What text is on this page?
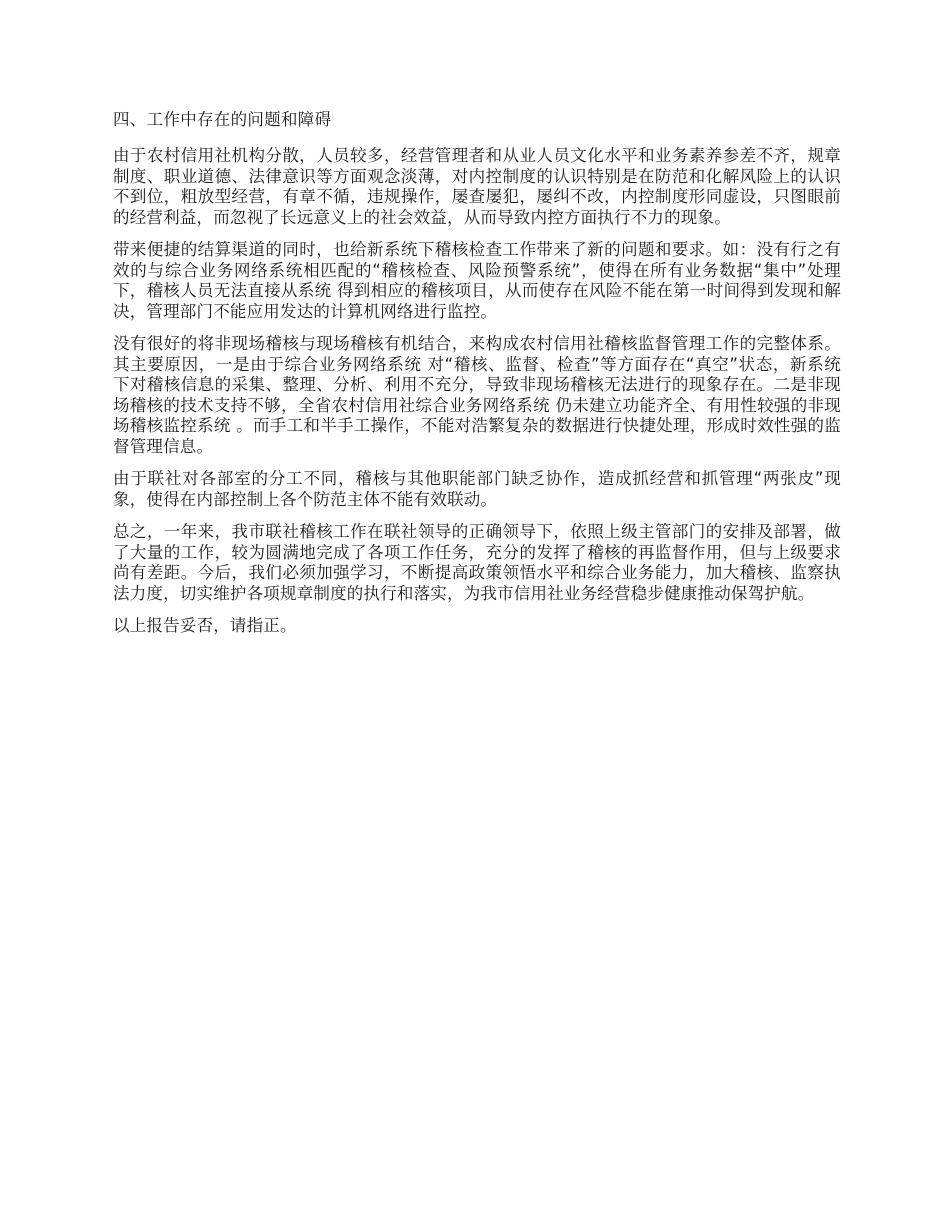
四、工作中存在的问题和障碍

由于农村信用社机构分散，人员较多，经营管理者和从业人员文化水平和业务素养参差不齐，规章制度、职业道德、法律意识等方面观念淡薄，对内控制度的认识特别是在防范和化解风险上的认识不到位，粗放型经营，有章不循，违规操作，屡查屡犯，屡纠不改，内控制度形同虚设，只图眼前的经营利益，而忽视了长远意义上的社会效益，从而导致内控方面执行不力的现象。

带来便捷的结算渠道的同时，也给新系统下稽核检查工作带来了新的问题和要求。如：没有行之有效的与综合业务网络系统相匹配的“稽核检查、风险预警系统”，使得在所有业务数据“集中”处理下，稽核人员无法直接从系统 得到相应的稽核项目，从而使存在风险不能在第一时间得到发现和解决，管理部门不能应用发达的计算机网络进行监控。

没有很好的将非现场稽核与现场稽核有机结合，来构成农村信用社稽核监督管理工作的完整体系。其主要原因，一是由于综合业务网络系统 对“稽核、监督、检查”等方面存在“真空”状态，新系统 下对稽核信息的采集、整理、分析、利用不充分，导致非现场稽核无法进行的现象存在。二是非现场稽核的技术支持不够，全省农村信用社综合业务网络系统 仍未建立功能齐全、有用性较强的非现场稽核监控系统 。而手工和半手工操作，不能对浩繁复杂的数据进行快捷处理，形成时效性强的监督管理信息。

由于联社对各部室的分工不同，稽核与其他职能部门缺乏协作，造成抓经营和抓管理“两张皮”现象，使得在内部控制上各个防范主体不能有效联动。

总之，一年来，我市联社稽核工作在联社领导的正确领导下，依照上级主管部门的安排及部署，做了大量的工作，较为圆满地完成了各项工作任务，充分的发挥了稽核的再监督作用，但与上级要求尚有差距。今后，我们必须加强学习，不断提高政策领悟水平和综合业务能力，加大稽核、监察执法力度，切实维护各项规章制度的执行和落实，为我市信用社业务经营稳步健康推动保驾护航。

以上报告妥否，请指正。
